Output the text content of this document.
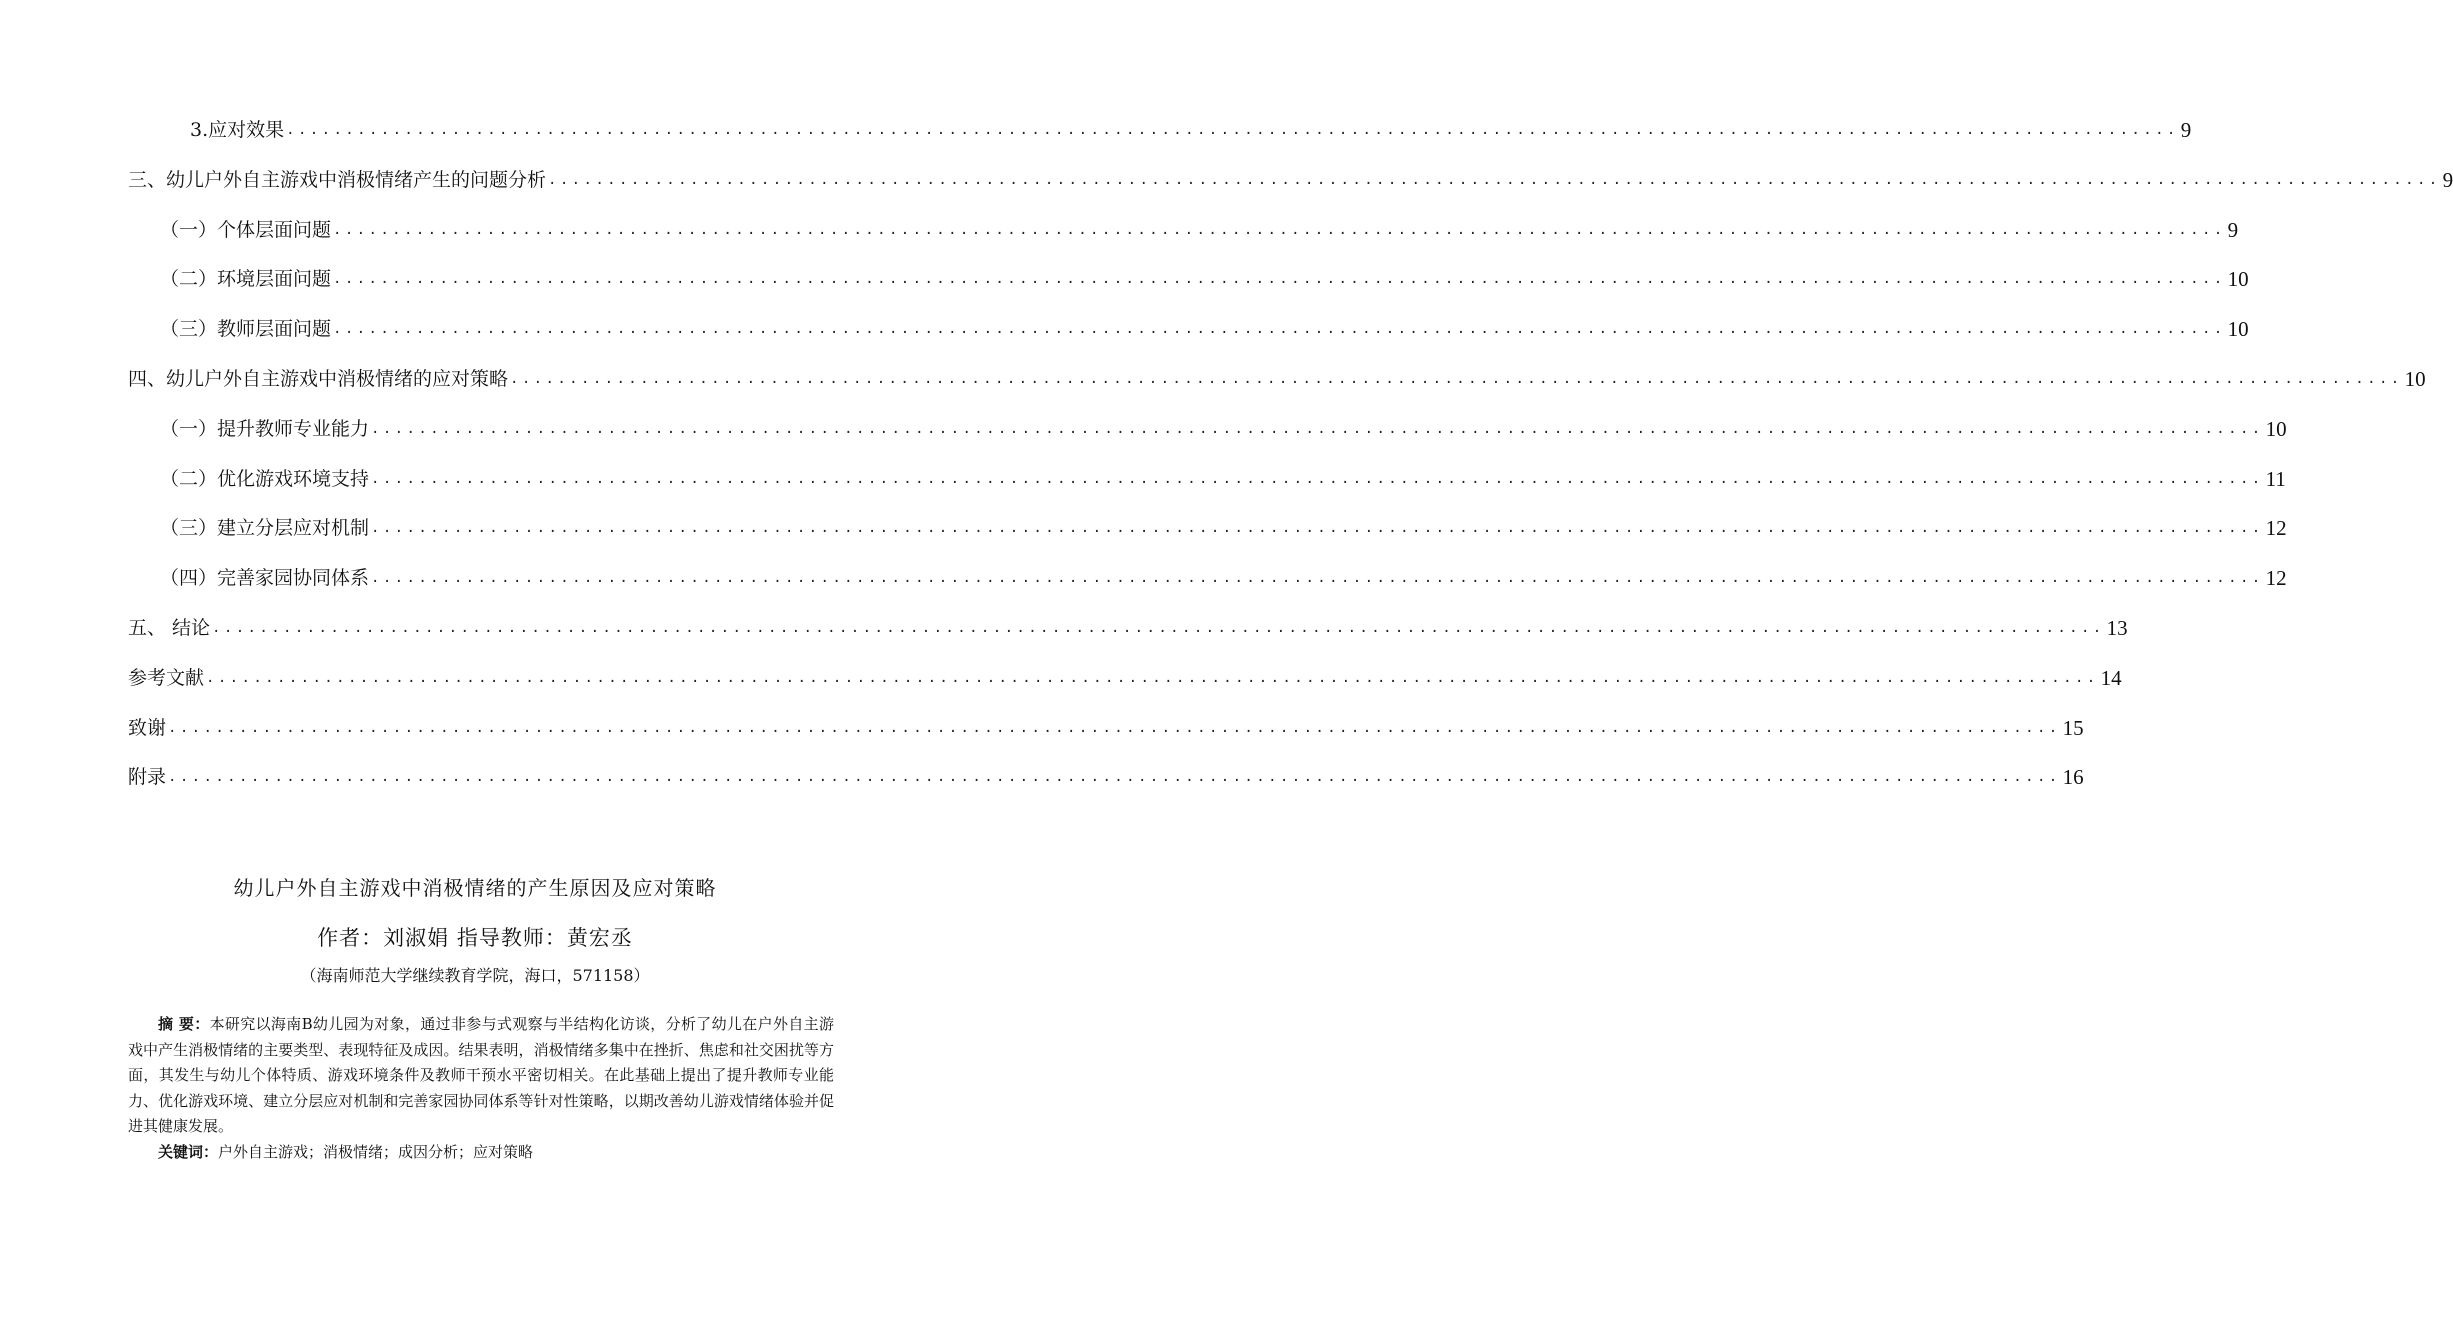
3.应对效果 ................................................................................................................................................................ 9
三、幼儿户外自主游戏中消极情绪产生的问题分析 ................................................................................................................................................................ 9
（一）个体层面问题 ................................................................................................................................................................ 9
（二）环境层面问题 ................................................................................................................................................................ 10
（三）教师层面问题 ................................................................................................................................................................ 10
四、幼儿户外自主游戏中消极情绪的应对策略 ................................................................................................................................................................ 10
（一）提升教师专业能力 ................................................................................................................................................................ 10
（二）优化游戏环境支持 ................................................................................................................................................................ 11
（三）建立分层应对机制 ................................................................................................................................................................ 12
（四）完善家园协同体系 ................................................................................................................................................................ 12
五、 结论 ................................................................................................................................................................ 13
参考文献 ................................................................................................................................................................ 14
致谢 ................................................................................................................................................................ 15
附录 ................................................................................................................................................................ 16
幼儿户外自主游戏中消极情绪的产生原因及应对策略
作者：刘淑娟 指导教师：黄宏丞
（海南师范大学继续教育学院，海口，571158）

摘 要：本研究以海南B幼儿园为对象，通过非参与式观察与半结构化访谈，分析了幼儿在户外自主游戏中产生消极情绪的主要类型、表现特征及成因。结果表明，消极情绪多集中在挫折、焦虑和社交困扰等方面，其发生与幼儿个体特质、游戏环境条件及教师干预水平密切相关。在此基础上提出了提升教师专业能力、优化游戏环境、建立分层应对机制和完善家园协同体系等针对性策略，以期改善幼儿游戏情绪体验并促进其健康发展。

关键词：户外自主游戏；消极情绪；成因分析；应对策略
